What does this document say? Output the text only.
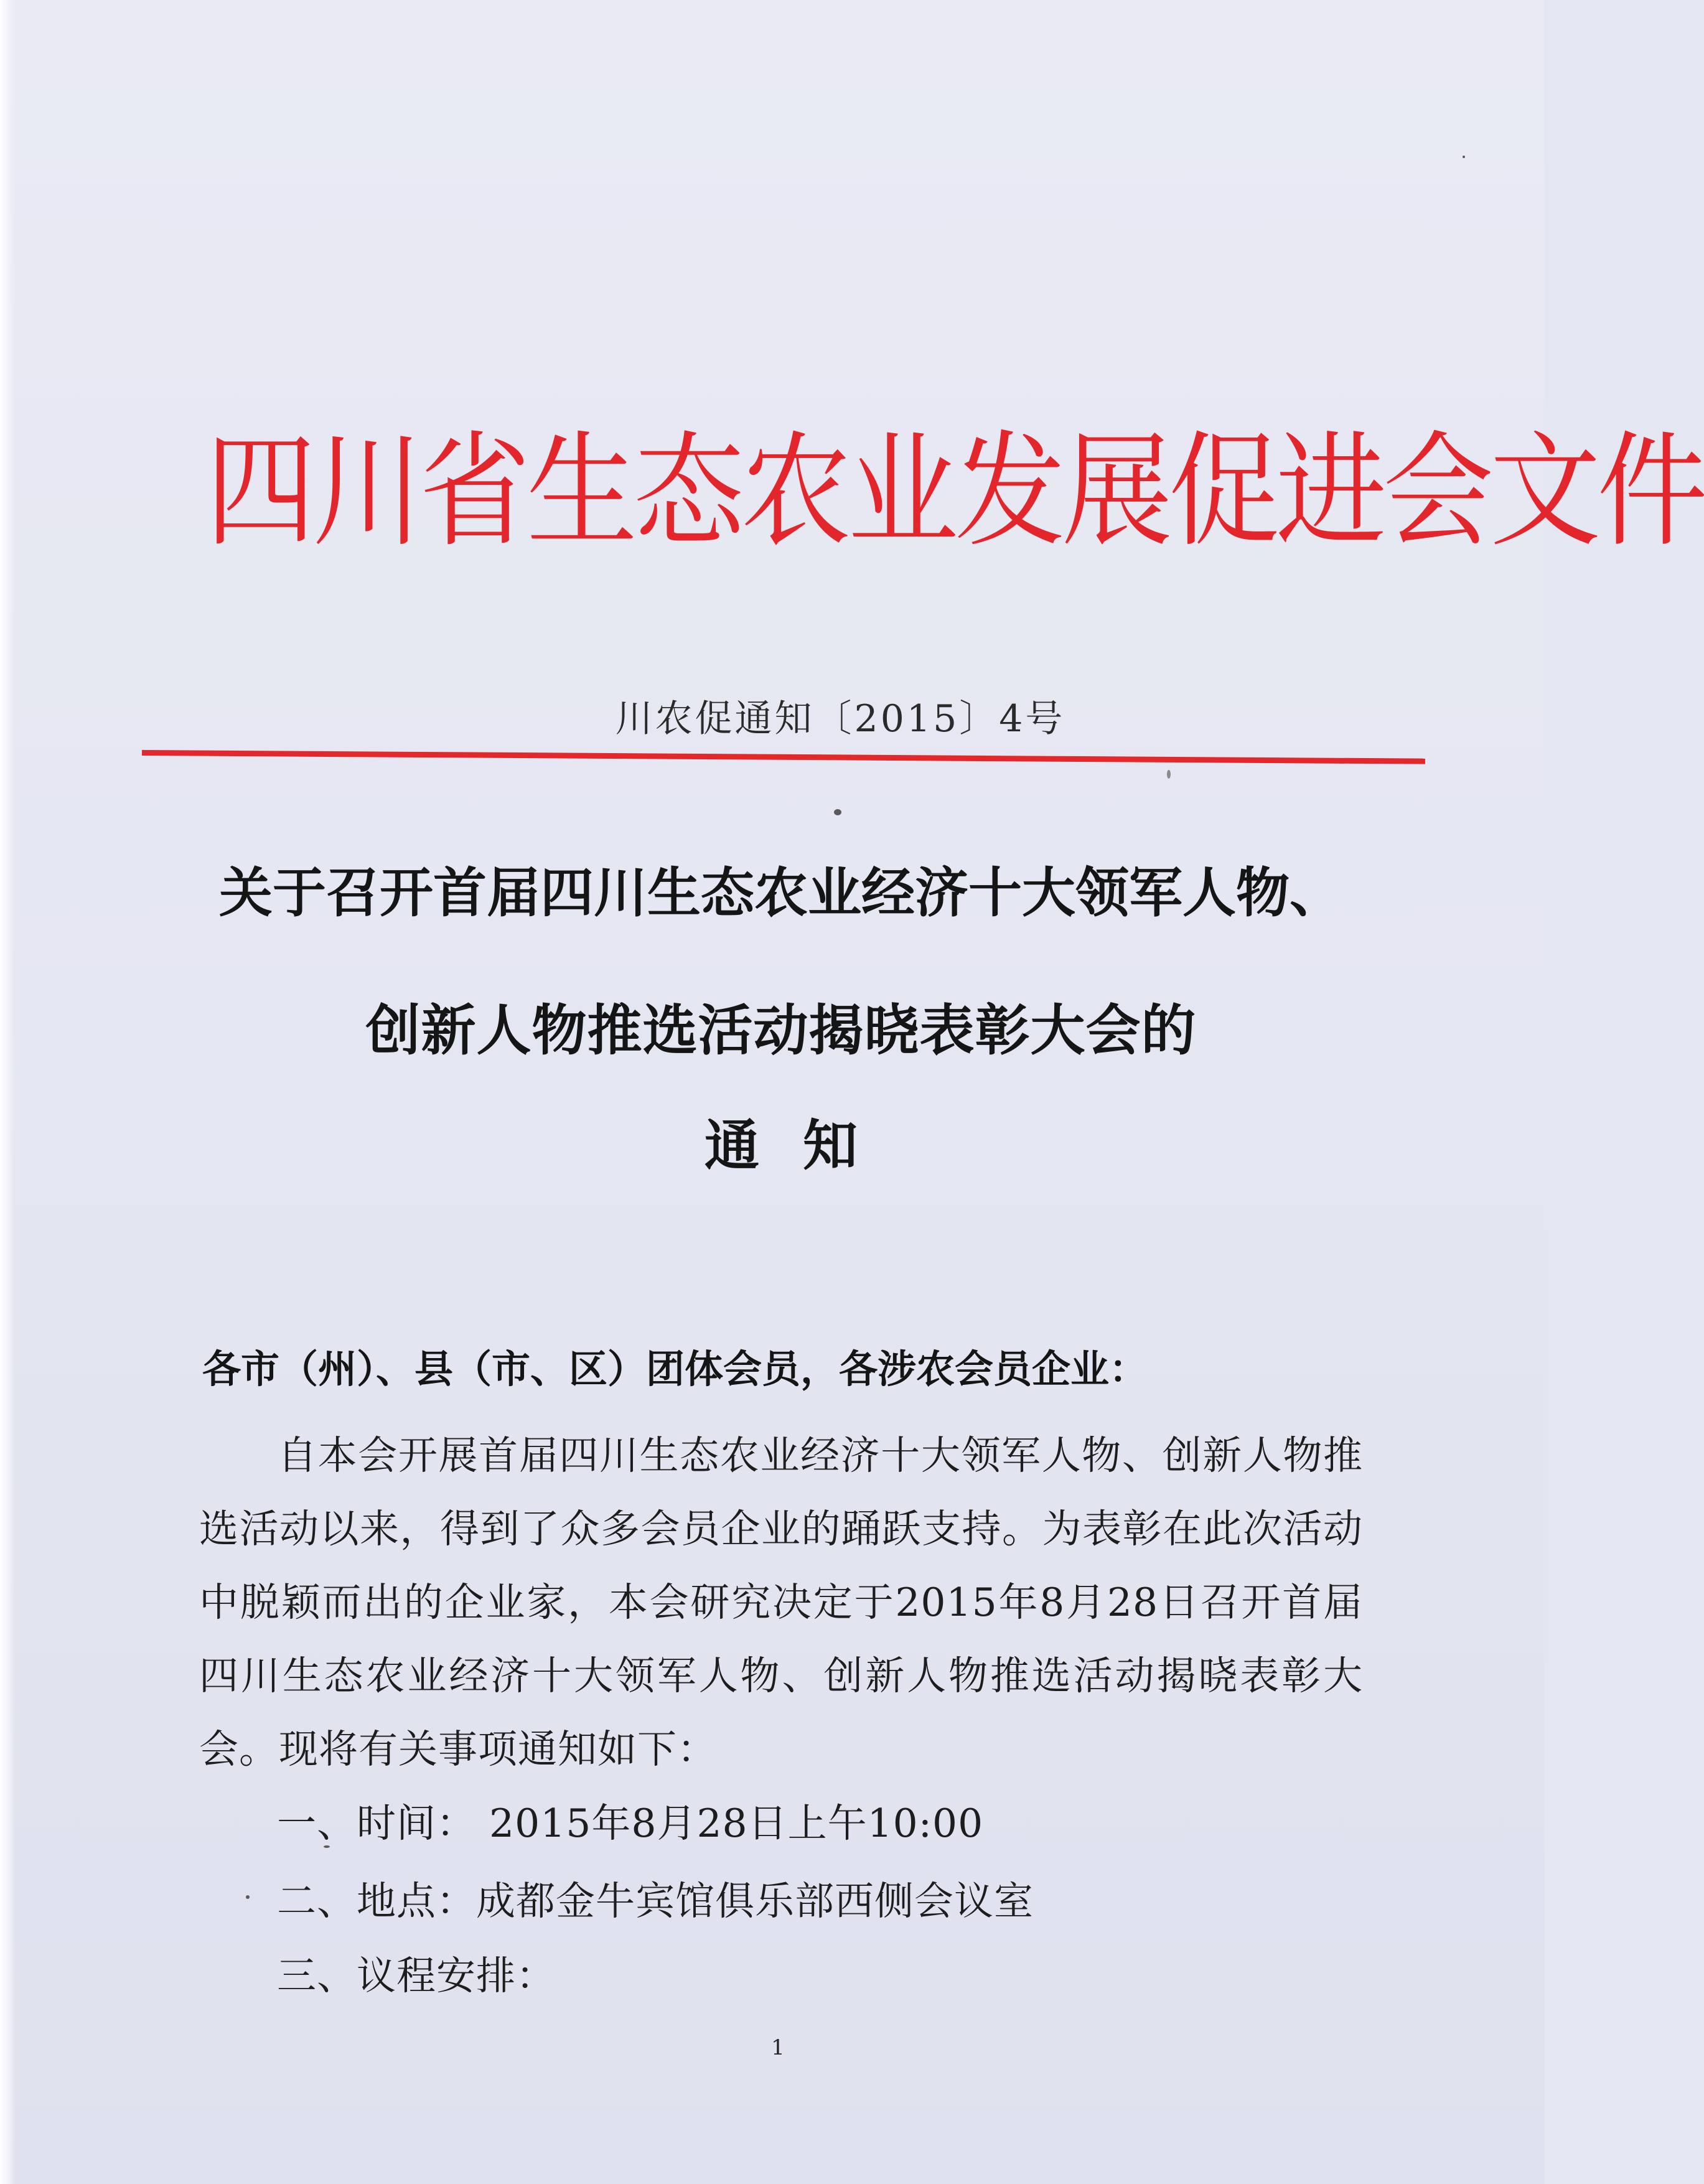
四川省生态农业发展促进会文件
川农促通知〔2015〕4号
关于召开首届四川生态农业经济十大领军人物、
创新人物推选活动揭晓表彰大会的
通知
各市（州）、县（市、区）团体会员，各涉农会员企业：
自本会开展首届四川生态农业经济十大领军人物、创新人物推选活动以来，得到了众多会员企业的踊跃支持。为表彰在此次活动中脱颖而出的企业家，本会研究决定于2015年8月28日召开首届四川生态农业经济十大领军人物、创新人物推选活动揭晓表彰大会。现将有关事项通知如下：
一、时间： 2015年8月28日上午10:00
二、地点：成都金牛宾馆俱乐部西侧会议室
三、议程安排：
1
